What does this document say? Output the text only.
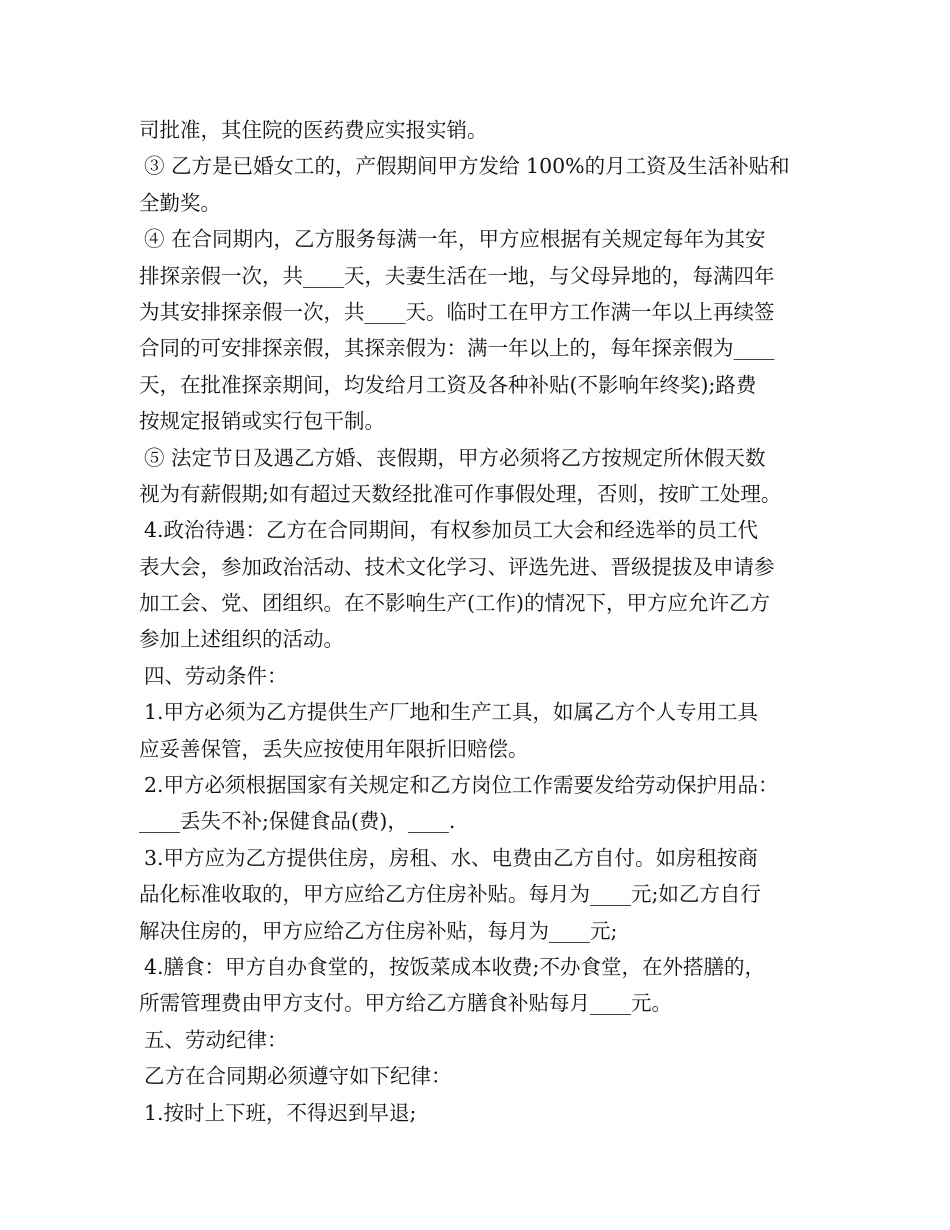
司批准，其住院的医药费应实报实销。
③ 乙方是已婚女工的，产假期间甲方发给 100%的月工资及生活补贴和
全勤奖。
④ 在合同期内，乙方服务每满一年，甲方应根据有关规定每年为其安
排探亲假一次，共____天，夫妻生活在一地，与父母异地的，每满四年
为其安排探亲假一次，共____天。临时工在甲方工作满一年以上再续签
合同的可安排探亲假，其探亲假为：满一年以上的，每年探亲假为____
天，在批准探亲期间，均发给月工资及各种补贴(不影响年终奖);路费
按规定报销或实行包干制。
⑤ 法定节日及遇乙方婚、丧假期，甲方必须将乙方按规定所休假天数
视为有薪假期;如有超过天数经批准可作事假处理，否则，按旷工处理。
4.政治待遇：乙方在合同期间，有权参加员工大会和经选举的员工代
表大会，参加政治活动、技术文化学习、评选先进、晋级提拔及申请参
加工会、党、团组织。在不影响生产(工作)的情况下，甲方应允许乙方
参加上述组织的活动。
四、劳动条件：
1.甲方必须为乙方提供生产厂地和生产工具，如属乙方个人专用工具
应妥善保管，丢失应按使用年限折旧赔偿。
2.甲方必须根据国家有关规定和乙方岗位工作需要发给劳动保护用品：
____丢失不补;保健食品(费)，____.
3.甲方应为乙方提供住房，房租、水、电费由乙方自付。如房租按商
品化标准收取的，甲方应给乙方住房补贴。每月为____元;如乙方自行
解决住房的，甲方应给乙方住房补贴，每月为____元;
4.膳食：甲方自办食堂的，按饭菜成本收费;不办食堂，在外搭膳的，
所需管理费由甲方支付。甲方给乙方膳食补贴每月____元。
五、劳动纪律：
乙方在合同期必须遵守如下纪律：
1.按时上下班，不得迟到早退;
